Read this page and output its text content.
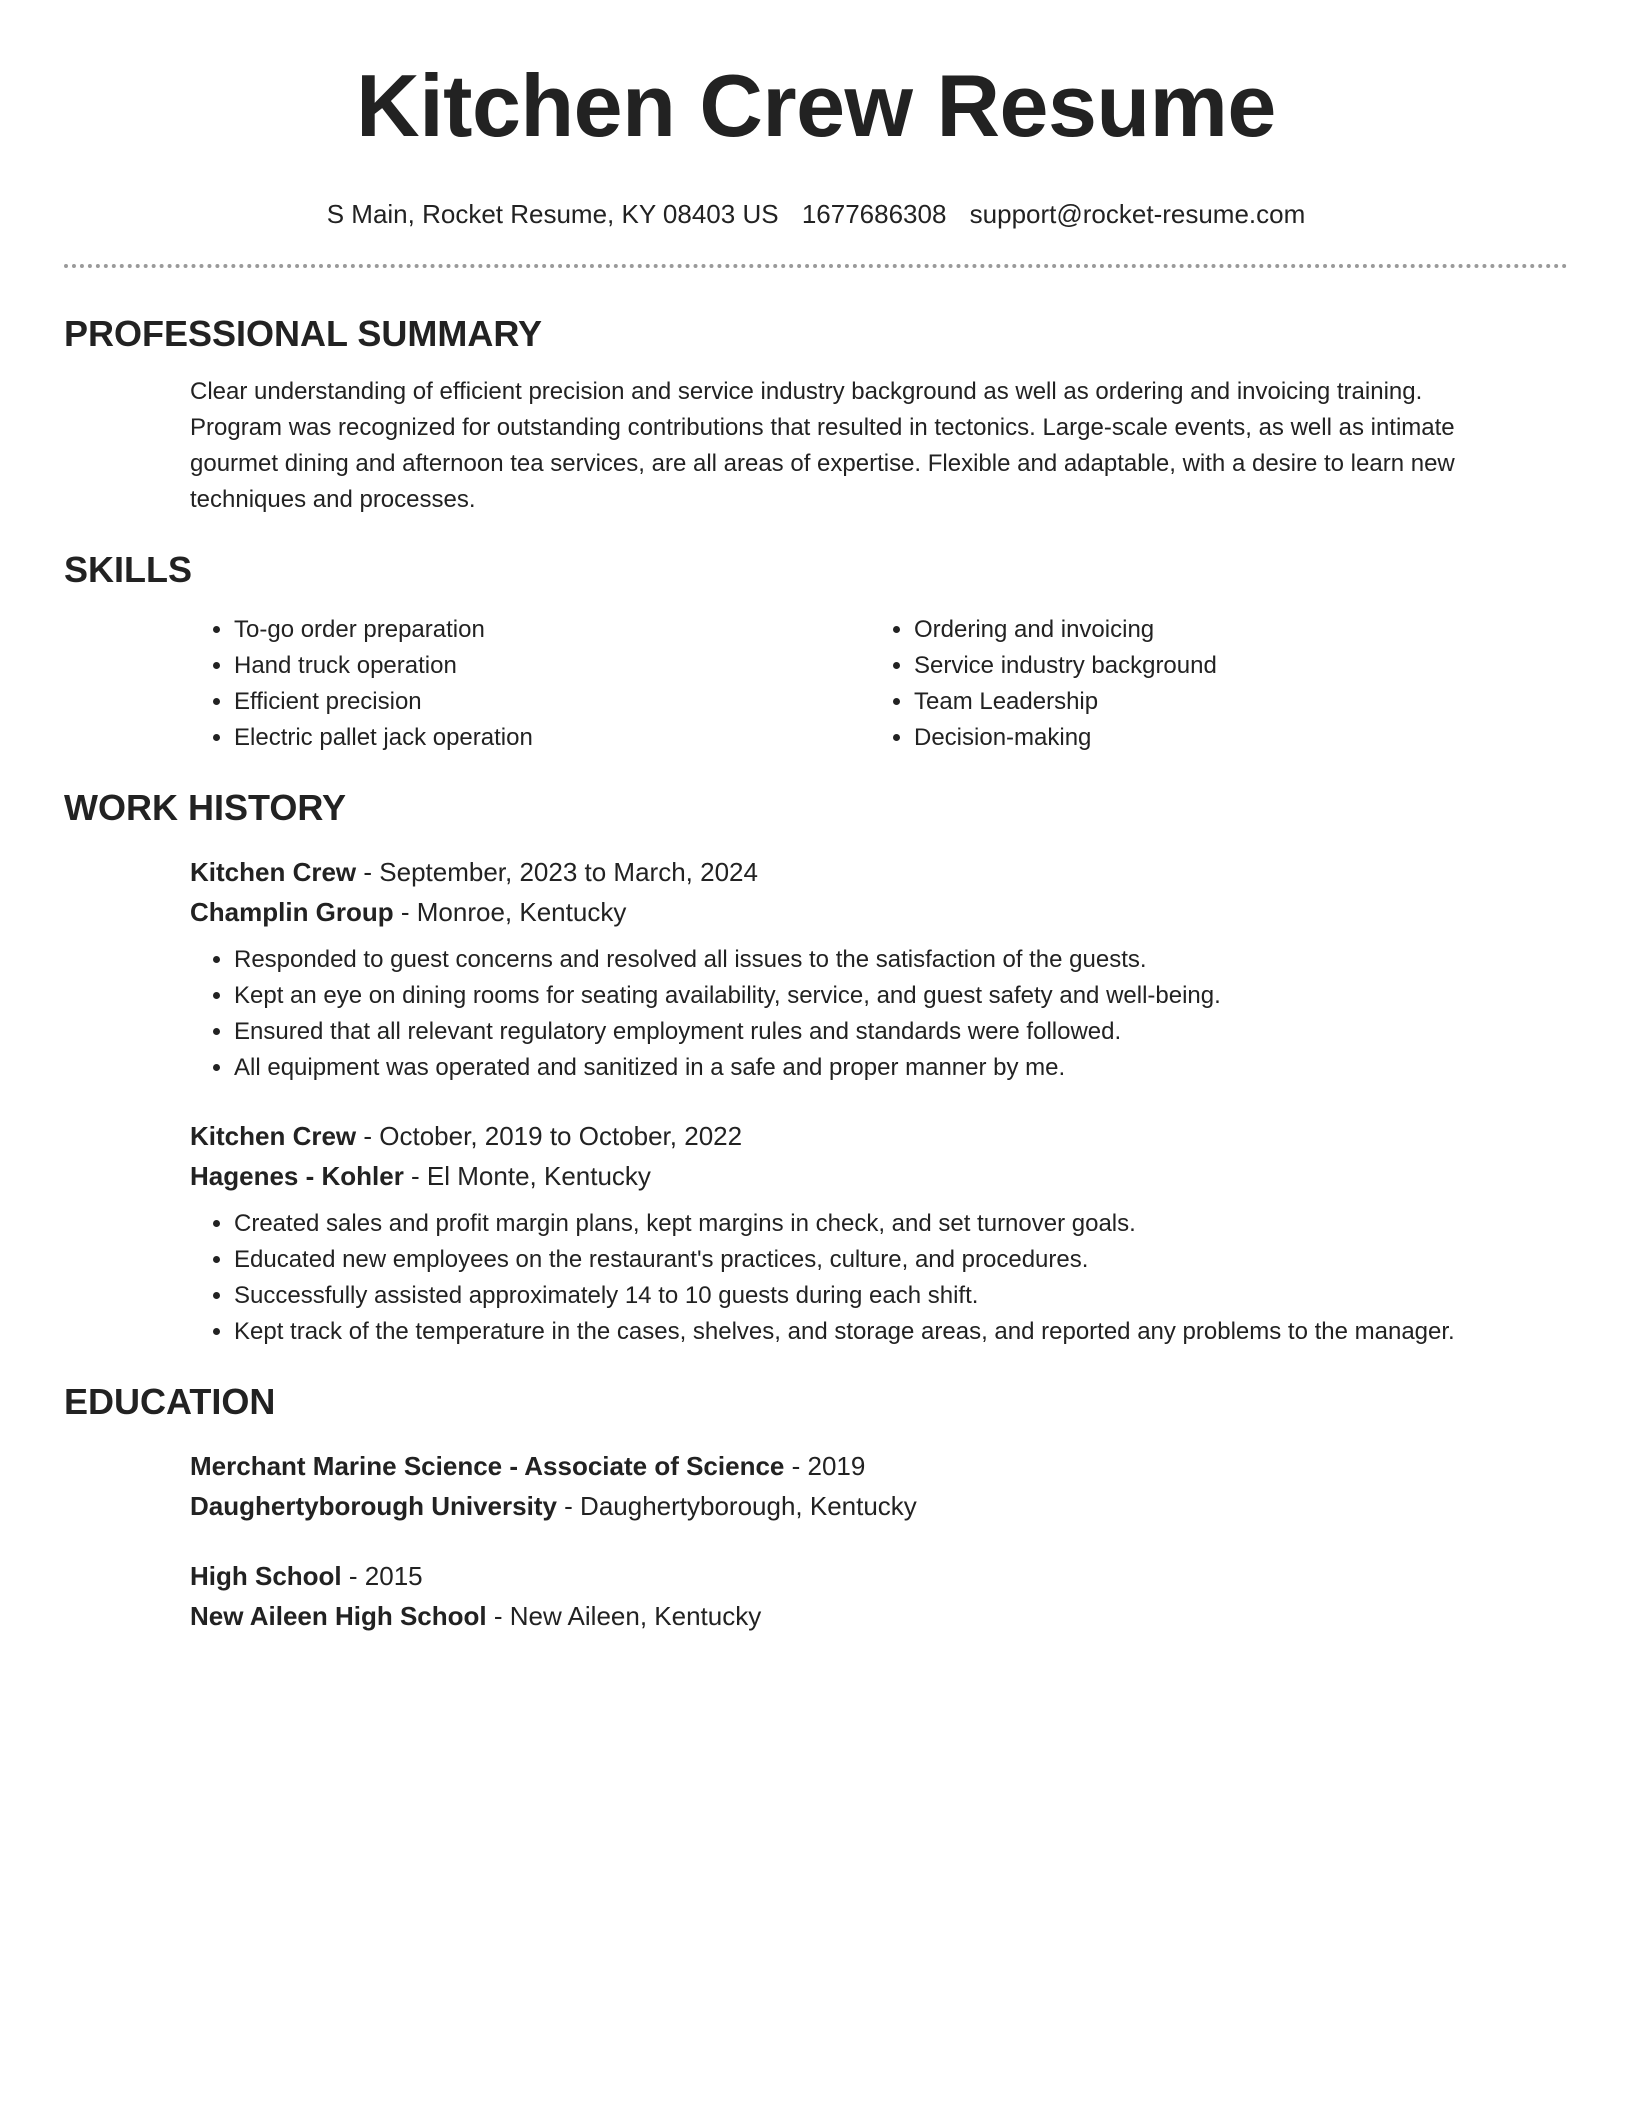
Kitchen Crew Resume
S Main, Rocket Resume, KY 08403 US 1677686308 support@rocket-resume.com
PROFESSIONAL SUMMARY

Clear understanding of efficient precision and service industry background as well as ordering and invoicing training. Program was recognized for outstanding contributions that resulted in tectonics. Large-scale events, as well as intimate gourmet dining and afternoon tea services, are all areas of expertise. Flexible and adaptable, with a desire to learn new techniques and processes.

SKILLS
• To-go order preparation
• Hand truck operation
• Efficient precision
• Electric pallet jack operation
• Ordering and invoicing
• Service industry background
• Team Leadership
• Decision-making
WORK HISTORY
Kitchen Crew - September, 2023 to March, 2024
Champlin Group - Monroe, Kentucky
• Responded to guest concerns and resolved all issues to the satisfaction of the guests.
• Kept an eye on dining rooms for seating availability, service, and guest safety and well-being.
• Ensured that all relevant regulatory employment rules and standards were followed.
• All equipment was operated and sanitized in a safe and proper manner by me.
Kitchen Crew - October, 2019 to October, 2022
Hagenes - Kohler - El Monte, Kentucky
• Created sales and profit margin plans, kept margins in check, and set turnover goals.
• Educated new employees on the restaurant's practices, culture, and procedures.
• Successfully assisted approximately 14 to 10 guests during each shift.
• Kept track of the temperature in the cases, shelves, and storage areas, and reported any problems to the manager.
EDUCATION
Merchant Marine Science - Associate of Science - 2019
Daughertyborough University - Daughertyborough, Kentucky
High School - 2015
New Aileen High School - New Aileen, Kentucky
